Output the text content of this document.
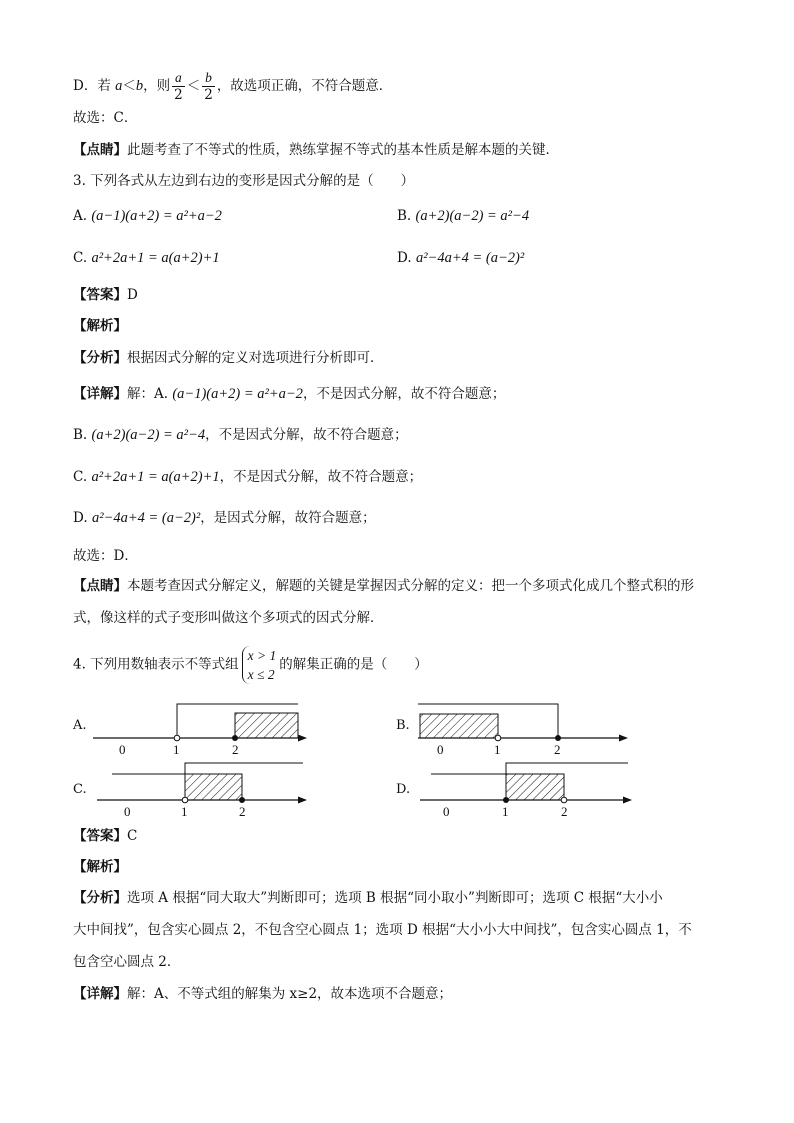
D．若 a＜b，则 $\frac{a}{2} < \frac{b}{2}$ ，故选项正确，不符合题意．
故选：C．
【点睛】此题考查了不等式的性质，熟练掌握不等式的基本性质是解本题的关键．
3. 下列各式从左边到右边的变形是因式分解的是（　　）
A. (a−1)(a+2) = a²+a−2	B. (a+2)(a−2) = a²−4
C. a²+2a+1 = a(a+2)+1	D. a²−4a+4 = (a−2)²
【答案】D
【解析】
【分析】根据因式分解的定义对选项进行分析即可．
【详解】解：A. (a−1)(a+2) = a²+a−2，不是因式分解，故不符合题意；
B. (a+2)(a−2) = a²−4，不是因式分解，故不符合题意；
C. a²+2a+1 = a(a+2)+1，不是因式分解，故不符合题意；
D. a²−4a+4 = (a−2)²，是因式分解，故符合题意；
故选：D．
【点睛】本题考查因式分解定义，解题的关键是掌握因式分解的定义：把一个多项式化成几个整式积的形
式，像这样的式子变形叫做这个多项式的因式分解．
4. 下列用数轴表示不等式组
x > 1
x ≤ 2
的解集正确的是（　　）
A.	B.
C.	D.
0	1	2	0	1	2
0	1	2	0	1	2
【答案】C
【解析】
【分析】选项 A 根据“同大取大”判断即可；选项 B 根据“同小取小”判断即可；选项 C 根据“大小小
大中间找”，包含实心圆点 2，不包含空心圆点 1；选项 D 根据“大小小大中间找”，包含实心圆点 1，不
包含空心圆点 2．
【详解】解：A、不等式组的解集为 x≥2，故本选项不合题意；
